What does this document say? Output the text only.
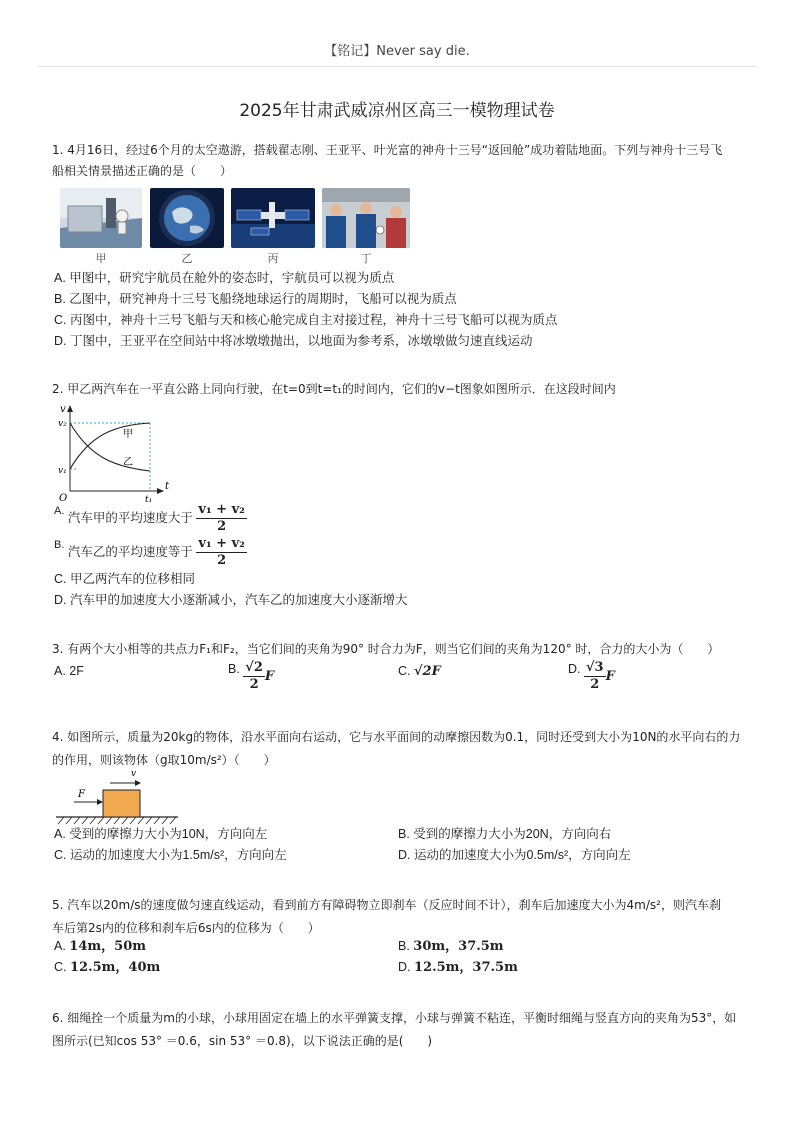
【铭记】Never say die.
2025年甘肃武威凉州区高三一模物理试卷
1. 4月16日，经过6个月的太空遨游，搭载翟志刚、王亚平、叶光富的神舟十三号“返回舱”成功着陆地面。下列与神舟十三号飞
船相关情景描述正确的是（　　）
甲	乙	丙	丁
A. 甲图中，研究宇航员在舱外的姿态时，宇航员可以视为质点
B. 乙图中，研究神舟十三号飞船绕地球运行的周期时，飞船可以视为质点
C. 丙图中，神舟十三号飞船与天和核心舱完成自主对接过程，神舟十三号飞船可以视为质点
D. 丁图中，王亚平在空间站中将冰墩墩抛出，以地面为参考系，冰墩墩做匀速直线运动
2. 甲乙两汽车在一平直公路上同向行驶，在t=0到t=t₁的时间内，它们的v−t图象如图所示．在这段时间内
v
t
O
v₂
v₁
t₁
甲
乙
A. 汽车甲的平均速度大于 $\frac{\text{v₁ + v₂}}{2}$
B. 汽车乙的平均速度等于 $\frac{\text{v₁ + v₂}}{2}$
C. 甲乙两汽车的位移相同
D. 汽车甲的加速度大小逐渐减小，汽车乙的加速度大小逐渐增大
3. 有两个大小相等的共点力F₁和F₂，当它们间的夹角为90° 时合力为F，则当它们间的夹角为120° 时，合力的大小为（　　）
A. 2F	B. $\frac{√2}{2}$ F	C. √2F	D. $\frac{√3}{2}$ F
4. 如图所示，质量为20kg的物体，沿水平面向右运动，它与水平面间的动摩擦因数为0.1，同时还受到大小为10N的水平向右的力
的作用，则该物体（g取10m/s²）（　　）
F
v
A. 受到的摩擦力大小为10N，方向向左	B. 受到的摩擦力大小为20N，方向向右
C. 运动的加速度大小为1.5m/s²，方向向左	D. 运动的加速度大小为0.5m/s²，方向向左
5. 汽车以20m/s的速度做匀速直线运动，看到前方有障碍物立即刹车（反应时间不计），刹车后加速度大小为4m/s²，则汽车刹
车后第2s内的位移和刹车后6s内的位移为（　　）
A. 14m，50m	B. 30m，37.5m
C. 12.5m，40m	D. 12.5m，37.5m
6. 细绳拴一个质量为m的小球，小球用固定在墙上的水平弹簧支撑，小球与弹簧不粘连，平衡时细绳与竖直方向的夹角为53°，如
图所示(已知cos 53° ＝0.6，sin 53° ＝0.8)，以下说法正确的是(　　)
